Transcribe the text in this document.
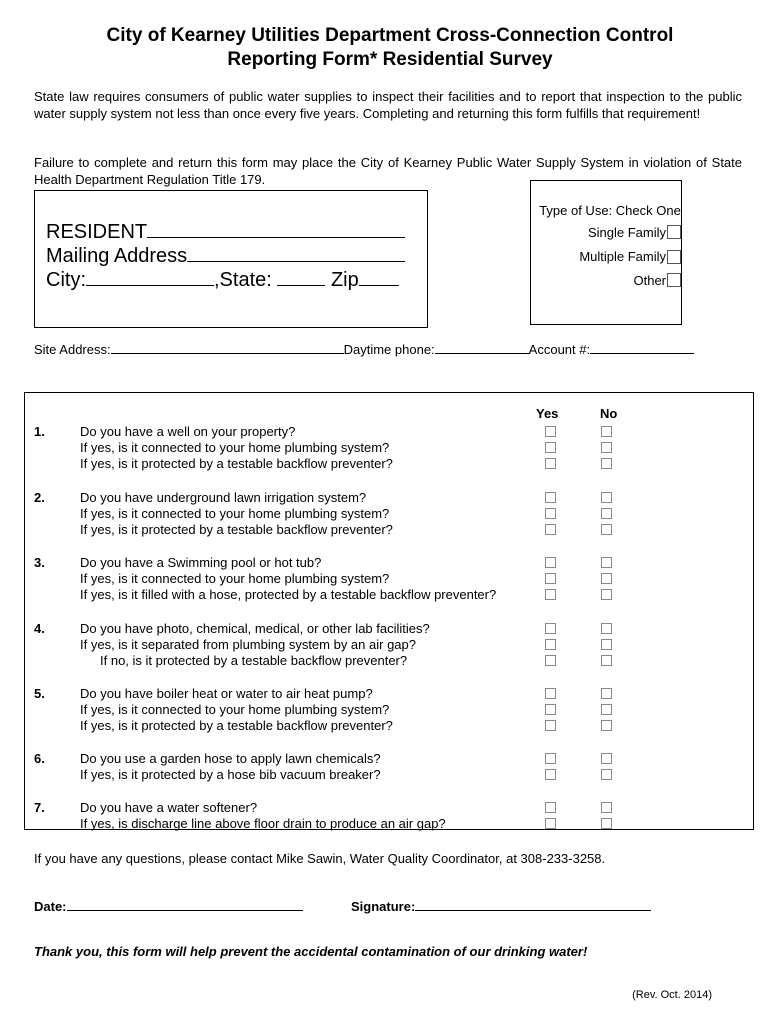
City of Kearney Utilities Department Cross-Connection Control
Reporting Form* Residential Survey
State law requires consumers of public water supplies to inspect their facilities and to report that inspection to the public water supply system not less than once every five years. Completing and returning this form fulfills that requirement!
Failure to complete and return this form may place the City of Kearney Public Water Supply System in violation of State Health Department Regulation Title 179.
RESIDENT
Mailing Address
City:	,State:	Zip
Type of Use: Check One
Single Family
Multiple Family
Other
Site Address:	Daytime phone:	Account #:
Yes	No
1.	Do you have a well on your property?
If yes, is it connected to your home plumbing system?
If yes, is it protected by a testable backflow preventer?
2.	Do you have underground lawn irrigation system?
If yes, is it connected to your home plumbing system?
If yes, is it protected by a testable backflow preventer?
3.	Do you have a Swimming pool or hot tub?
If yes, is it connected to your home plumbing system?
If yes, is it filled with a hose, protected by a testable backflow preventer?
4.	Do you have photo, chemical, medical, or other lab facilities?
If yes, is it separated from plumbing system by an air gap?
If no, is it protected by a testable backflow preventer?
5.	Do you have boiler heat or water to air heat pump?
If yes, is it connected to your home plumbing system?
If yes, is it protected by a testable backflow preventer?
6.	Do you use a garden hose to apply lawn chemicals?
If yes, is it protected by a hose bib vacuum breaker?
7.	Do you have a water softener?
If yes, is discharge line above floor drain to produce an air gap?
If you have any questions, please contact Mike Sawin, Water Quality Coordinator, at 308-233-3258.
Date:	Signature:
Thank you, this form will help prevent the accidental contamination of our drinking water!
(Rev. Oct. 2014)
